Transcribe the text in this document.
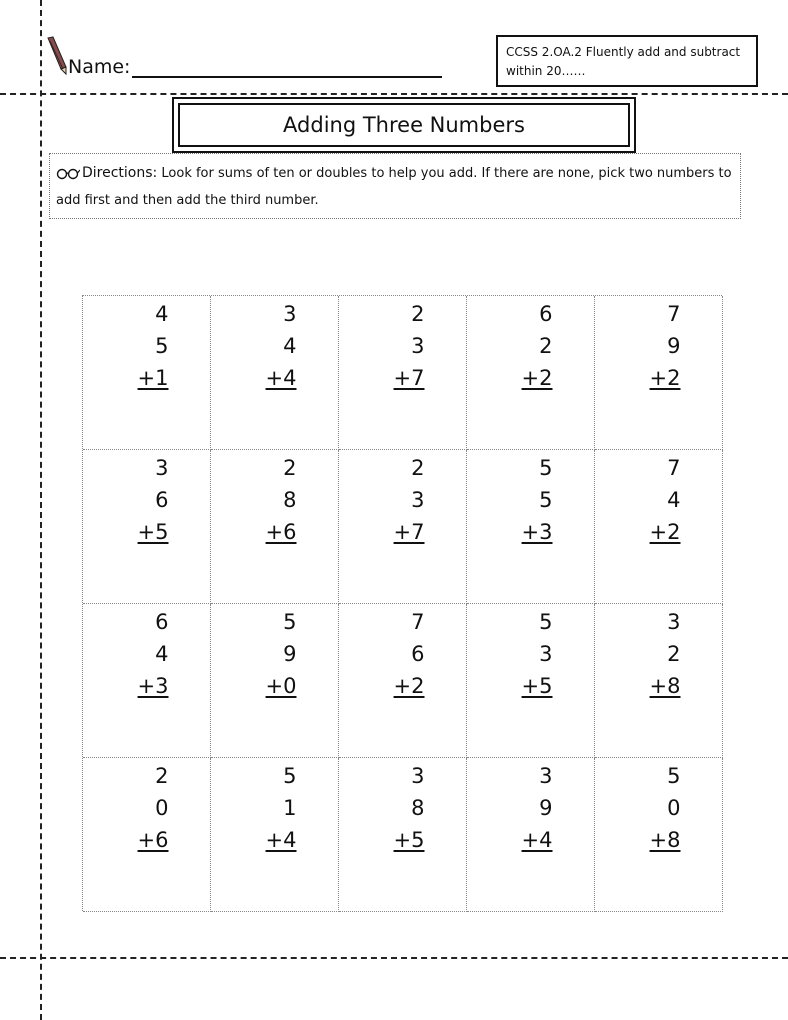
Name:
CCSS 2.OA.2 Fluently add and subtract within 20……
Adding Three Numbers
Directions: Look for sums of ten or doubles to help you add. If there are none, pick two numbers to add first and then add the third number.
4
5
+1
3
4
+4
2
3
+7
6
2
+2
7
9
+2
3
6
+5
2
8
+6
2
3
+7
5
5
+3
7
4
+2
6
4
+3
5
9
+0
7
6
+2
5
3
+5
3
2
+8
2
0
+6
5
1
+4
3
8
+5
3
9
+4
5
0
+8
